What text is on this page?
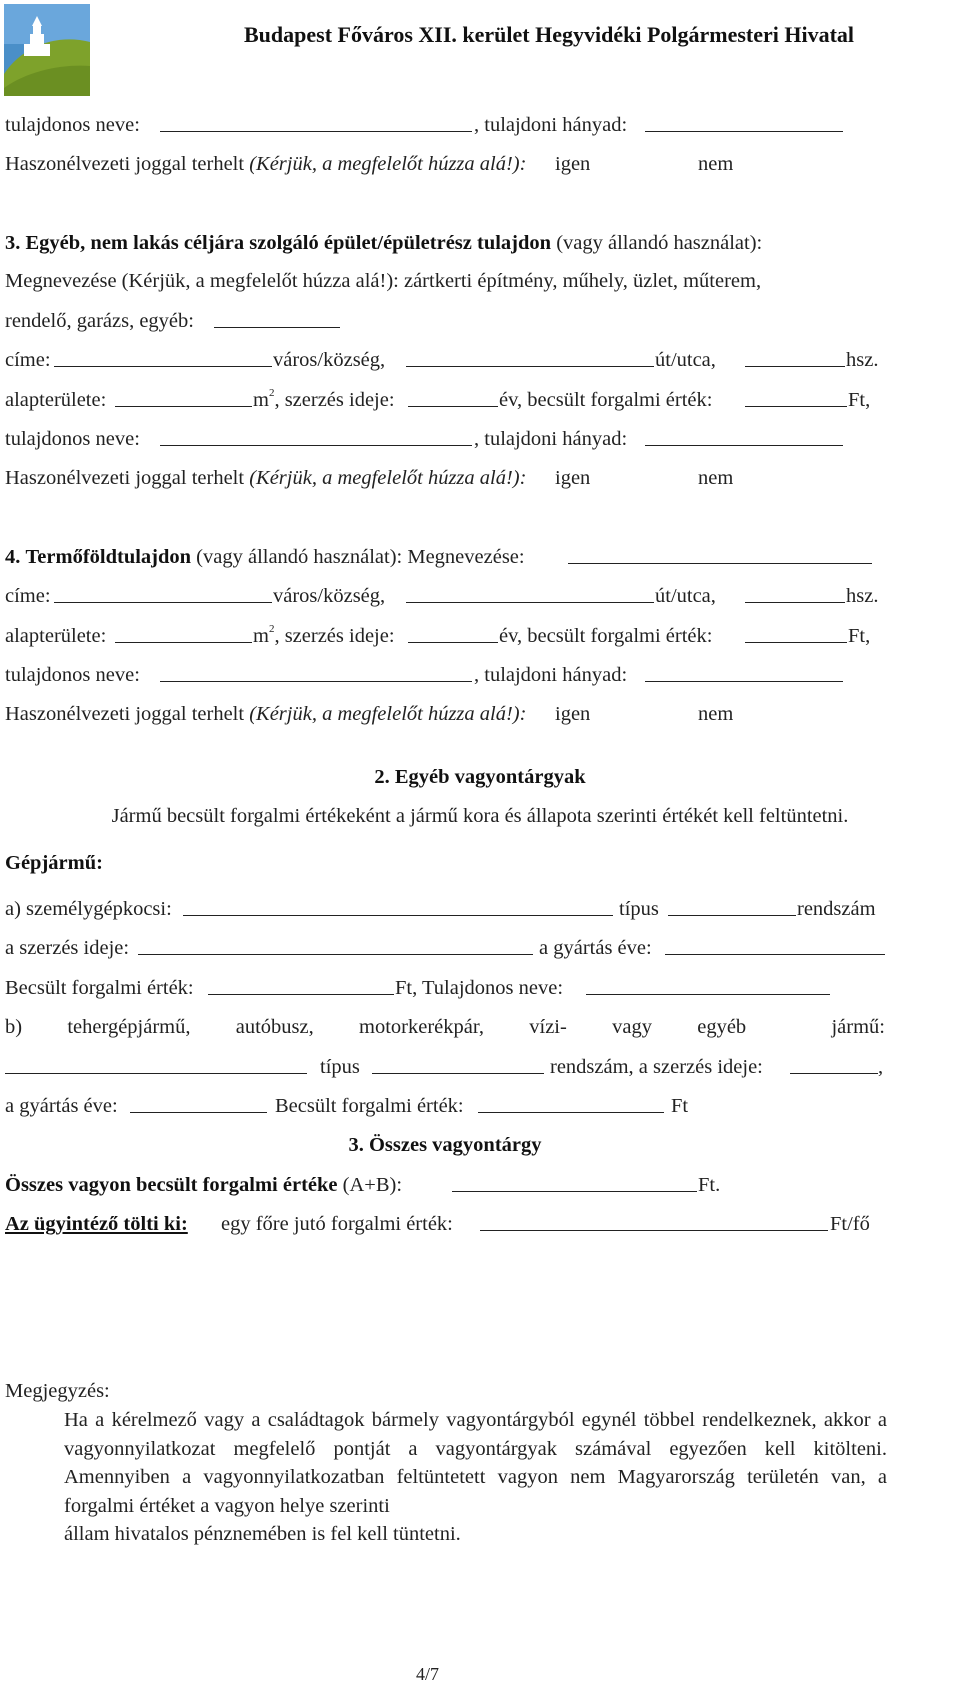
Budapest Főváros XII. kerület Hegyvidéki Polgármesteri Hivatal
tulajdonos neve:	, tulajdoni hányad:
Haszonélvezeti joggal terhelt (Kérjük, a megfelelőt húzza alá!): igen	nem
3. Egyéb, nem lakás céljára szolgáló épület/épületrész tulajdon (vagy állandó használat):
Megnevezése (Kérjük, a megfelelőt húzza alá!): zártkerti építmény, műhely, üzlet, műterem,
rendelő, garázs, egyéb:
címe:	város/község,	út/utca,	hsz.
alapterülete:	$m^2$, szerzés ideje:	év, becsült forgalmi érték:	Ft,
tulajdonos neve:	, tulajdoni hányad:
Haszonélvezeti joggal terhelt (Kérjük, a megfelelőt húzza alá!): igen	nem
4. Termőföldtulajdon (vagy állandó használat): Megnevezése:
címe:	város/község,	út/utca,	hsz.
alapterülete:	$m^2$, szerzés ideje:	év, becsült forgalmi érték:	Ft,
tulajdonos neve:	, tulajdoni hányad:
Haszonélvezeti joggal terhelt (Kérjük, a megfelelőt húzza alá!): igen	nem
2. Egyéb vagyontárgyak
Jármű becsült forgalmi értékeként a jármű kora és állapota szerinti értékét kell feltüntetni.
Gépjármű:
a) személygépkocsi:	típus	rendszám
a szerzés ideje:	a gyártás éve:
Becsült forgalmi érték:	Ft, Tulajdonos neve:
b) tehergépjármű, autóbusz, motorkerékpár, vízi- vagy egyéb	jármű:
típus	rendszám, a szerzés ideje:	,
a gyártás éve:	Becsült forgalmi érték:	Ft
3. Összes vagyontárgy
Összes vagyon becsült forgalmi értéke (A+B):	Ft.
Az ügyintéző tölti ki: egy főre jutó forgalmi érték:	Ft/fő
Megjegyzés:
Ha a kérelmező vagy a családtagok bármely vagyontárgyból egynél többel rendelkeznek, akkor a vagyonnyilatkozat megfelelő pontját a vagyontárgyak számával egyezően kell kitölteni. Amennyiben a vagyonnyilatkozatban feltüntetett vagyon nem Magyarország területén van, a forgalmi értéket a vagyon helye szerinti
állam hivatalos pénznemében is fel kell tüntetni.
4/7
